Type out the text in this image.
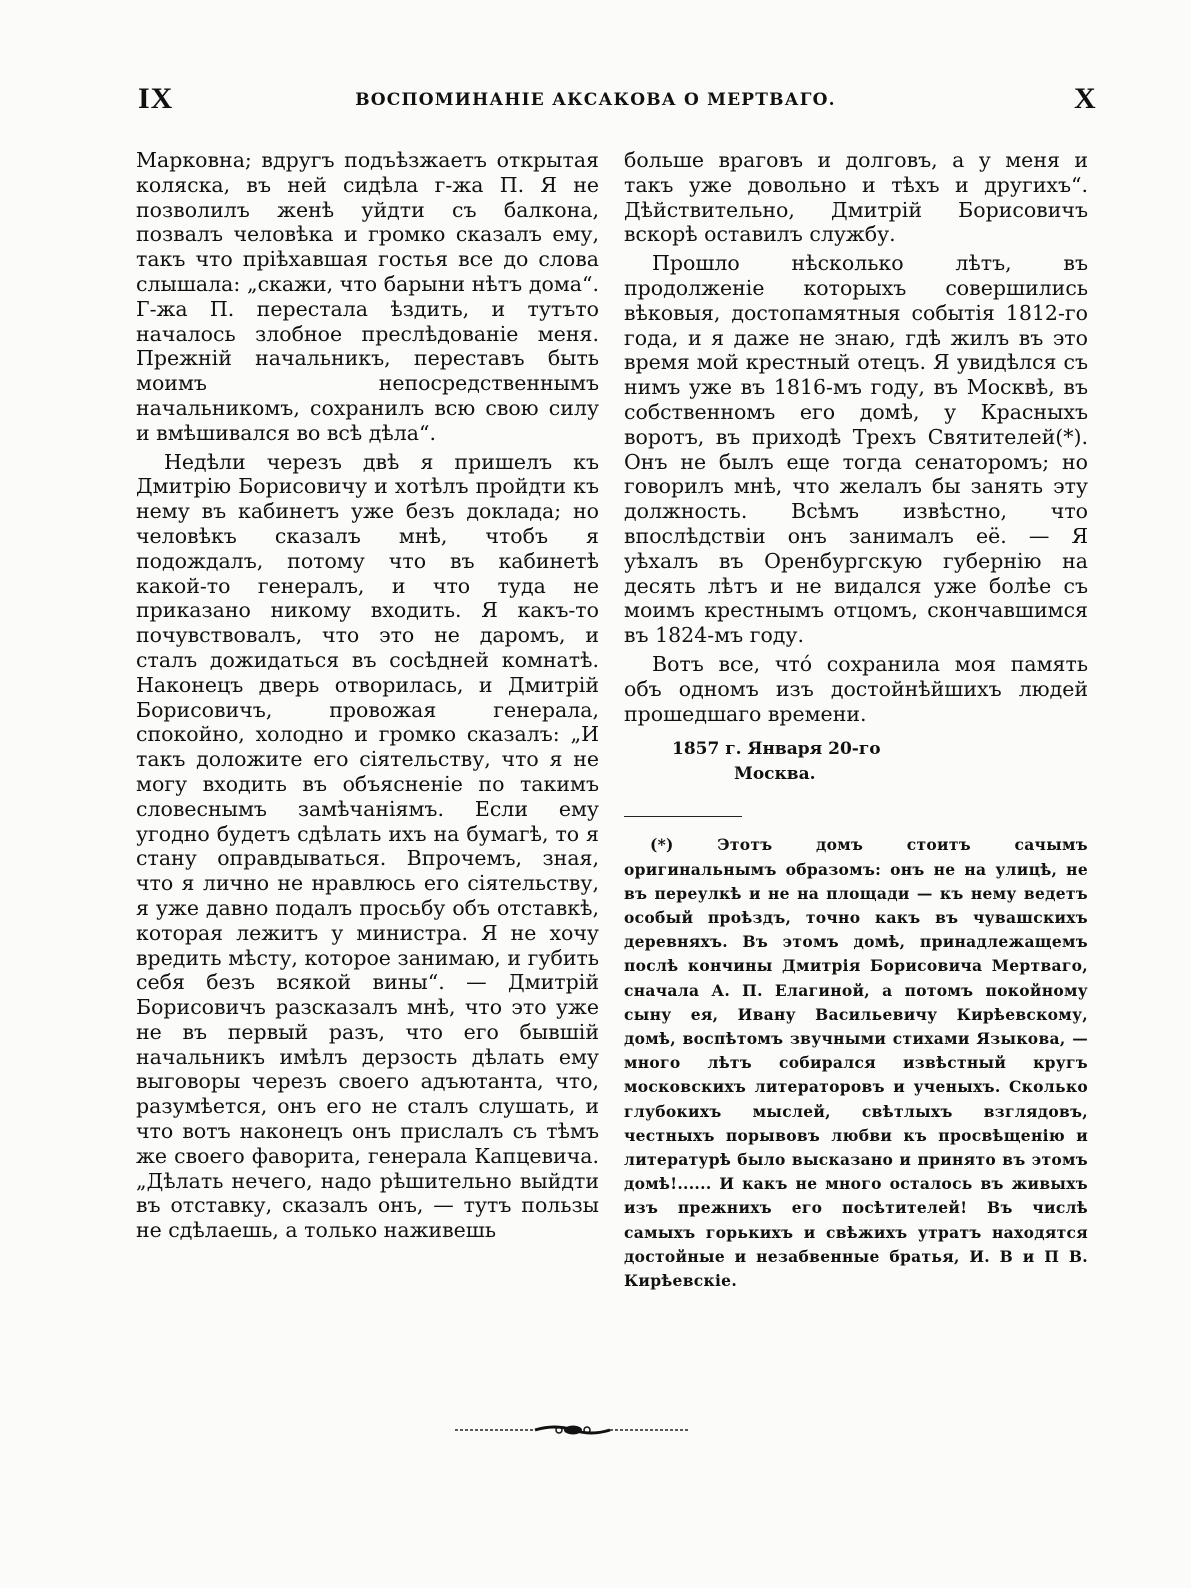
IX	ВОСПОМИНАНІЕ АКСАКОВА О МЕРТВАГО.	X

Марковна; вдругъ подъѣзжаетъ открытая коляска, въ ней сидѣла г-жа П. Я не позволилъ женѣ уйдти съ балкона, позвалъ человѣка и громко сказалъ ему, такъ что пріѣхавшая гостья все до слова слышала: „скажи, что барыни нѣтъ дома“. Г-жа П. перестала ѣздить, и тутъто началось злобное преслѣдованіе меня. Прежній начальникъ, переставъ быть моимъ непосредственнымъ начальникомъ, сохранилъ всю свою силу и вмѣшивался во всѣ дѣла“.

Недѣли черезъ двѣ я пришелъ къ Дмитрію Борисовичу и хотѣлъ пройдти къ нему въ кабинетъ уже безъ доклада; но человѣкъ сказалъ мнѣ, чтобъ я подождалъ, потому что въ кабинетѣ какой-то генералъ, и что туда не приказано никому входить. Я какъ-то почувствовалъ, что это не даромъ, и сталъ дожидаться въ сосѣдней комнатѣ. Наконецъ дверь отворилась, и Дмитрій Борисовичъ, провожая генерала, спокойно, холодно и громко сказалъ: „И такъ доложите его сіятельству, что я не могу входить въ объясненіе по такимъ словеснымъ замѣчаніямъ. Если ему угодно будетъ сдѣлать ихъ на бумагѣ, то я стану оправдываться. Впрочемъ, зная, что я лично не нравлюсь его сіятельству, я уже давно подалъ просьбу объ отставкѣ, которая лежитъ у министра. Я не хочу вредить мѣсту, которое занимаю, и губить себя безъ всякой вины“. — Дмитрій Борисовичъ разсказалъ мнѣ, что это уже не въ первый разъ, что его бывшій начальникъ имѣлъ дерзость дѣлать ему выговоры черезъ своего адъютанта, что, разумѣется, онъ его не сталъ слушать, и что вотъ наконецъ онъ прислалъ съ тѣмъ же своего фаворита, генерала Капцевича. „Дѣлать нечего, надо рѣшительно выйдти въ отставку, сказалъ онъ, — тутъ пользы не сдѣлаешь, а только наживешь

больше враговъ и долговъ, а у меня и такъ уже довольно и тѣхъ и другихъ“. Дѣйствительно, Дмитрій Борисовичъ вскорѣ оставилъ службу.

Прошло нѣсколько лѣтъ, въ продолженіе которыхъ совершились вѣковыя, достопамятныя событія 1812-го года, и я даже не знаю, гдѣ жилъ въ это время мой крестный отецъ. Я увидѣлся съ нимъ уже въ 1816-мъ году, въ Москвѣ, въ собственномъ его домѣ, у Красныхъ воротъ, въ приходѣ Трехъ Святителей(*). Онъ не былъ еще тогда сенаторомъ; но говорилъ мнѣ, что желалъ бы занять эту должность. Всѣмъ извѣстно, что впослѣдствіи онъ занималъ её. — Я уѣхалъ въ Оренбургскую губернію на десять лѣтъ и не видался уже болѣе съ моимъ крестнымъ отцомъ, скончавшимся въ 1824-мъ году.

Вотъ все, что́ сохранила моя память объ одномъ изъ достойнѣйшихъ людей прошедшаго времени.

1857 г. Января 20-го
Москва.
(*) Этотъ домъ стоитъ сачымъ оригинальнымъ образомъ: онъ не на улицѣ, не въ переулкѣ и не на площади — къ нему ведетъ особый проѣздъ, точно какъ въ чувашскихъ деревняхъ. Въ этомъ домѣ, принадлежащемъ послѣ кончины Дмитрія Борисовича Мертваго, сначала А. П. Елагиной, а потомъ покойному сыну ея, Ивану Васильевичу Кирѣевскому, домѣ, воспѣтомъ звучными стихами Языкова, — много лѣтъ собирался извѣстный кругъ московскихъ литераторовъ и ученыхъ. Сколько глубокихъ мыслей, свѣтлыхъ взглядовъ, честныхъ порывовъ любви къ просвѣщенію и литературѣ было высказано и принято въ этомъ домѣ!...... И какъ не много осталось въ живыхъ изъ прежнихъ его посѣтителей! Въ числѣ самыхъ горькихъ и свѣжихъ утратъ находятся достойные и незабвенные братья, И. В и П В. Кирѣевскіе.
